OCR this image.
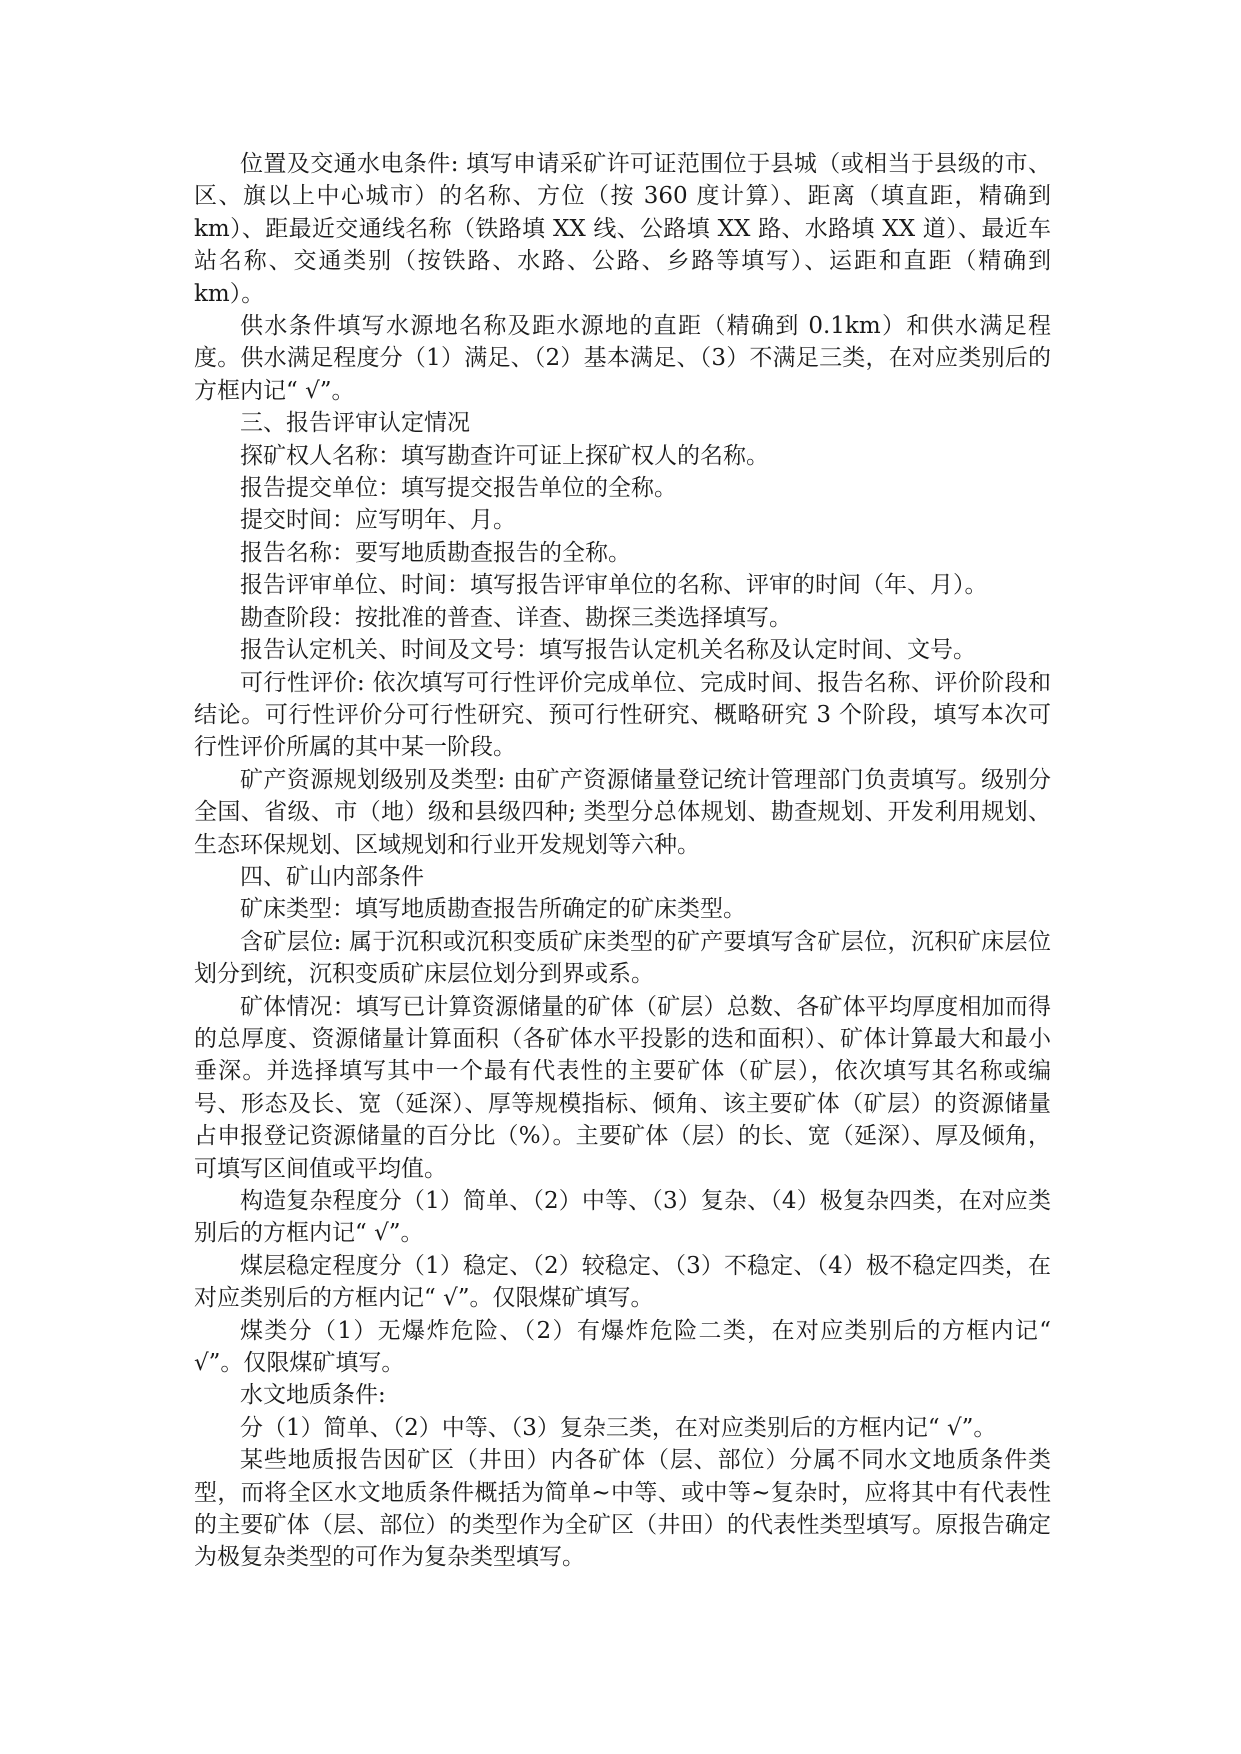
位置及交通水电条件: 填写申请采矿许可证范围位于县城（或相当于县级的市、区、旗以上中心城市）的名称、方位（按 360 度计算）、距离（填直距，精确到 km）、距最近交通线名称（铁路填 XX 线、公路填 XX 路、水路填 XX 道）、最近车站名称、交通类别（按铁路、水路、公路、乡路等填写）、运距和直距（精确到 km）。

供水条件填写水源地名称及距水源地的直距（精确到 0.1km）和供水满足程度。供水满足程度分（1）满足、（2）基本满足、（3）不满足三类，在对应类别后的方框内记“ √”。

三、报告评审认定情况

探矿权人名称：填写勘查许可证上探矿权人的名称。

报告提交单位：填写提交报告单位的全称。

提交时间：应写明年、月。

报告名称：要写地质勘查报告的全称。

报告评审单位、时间：填写报告评审单位的名称、评审的时间（年、月）。

勘查阶段：按批准的普查、详查、勘探三类选择填写。

报告认定机关、时间及文号：填写报告认定机关名称及认定时间、文号。

可行性评价: 依次填写可行性评价完成单位、完成时间、报告名称、评价阶段和结论。可行性评价分可行性研究、预可行性研究、概略研究 3 个阶段，填写本次可行性评价所属的其中某一阶段。

矿产资源规划级别及类型: 由矿产资源储量登记统计管理部门负责填写。级别分全国、省级、市（地）级和县级四种; 类型分总体规划、勘查规划、开发利用规划、生态环保规划、区域规划和行业开发规划等六种。

四、矿山内部条件

矿床类型：填写地质勘查报告所确定的矿床类型。

含矿层位: 属于沉积或沉积变质矿床类型的矿产要填写含矿层位，沉积矿床层位划分到统，沉积变质矿床层位划分到界或系。

矿体情况：填写已计算资源储量的矿体（矿层）总数、各矿体平均厚度相加而得的总厚度、资源储量计算面积（各矿体水平投影的迭和面积）、矿体计算最大和最小垂深。并选择填写其中一个最有代表性的主要矿体（矿层），依次填写其名称或编号、形态及长、宽（延深）、厚等规模指标、倾角、该主要矿体（矿层）的资源储量占申报登记资源储量的百分比（%）。主要矿体（层）的长、宽（延深）、厚及倾角，可填写区间值或平均值。

构造复杂程度分（1）简单、（2）中等、（3）复杂、（4）极复杂四类，在对应类别后的方框内记“ √”。

煤层稳定程度分（1）稳定、（2）较稳定、（3）不稳定、（4）极不稳定四类，在对应类别后的方框内记“ √”。仅限煤矿填写。

煤类分（1）无爆炸危险、（2）有爆炸危险二类，在对应类别后的方框内记“ √”。仅限煤矿填写。

水文地质条件:

分（1）简单、（2）中等、（3）复杂三类，在对应类别后的方框内记“ √”。

某些地质报告因矿区（井田）内各矿体（层、部位）分属不同水文地质条件类型，而将全区水文地质条件概括为简单~中等、或中等~复杂时，应将其中有代表性的主要矿体（层、部位）的类型作为全矿区（井田）的代表性类型填写。原报告确定为极复杂类型的可作为复杂类型填写。
